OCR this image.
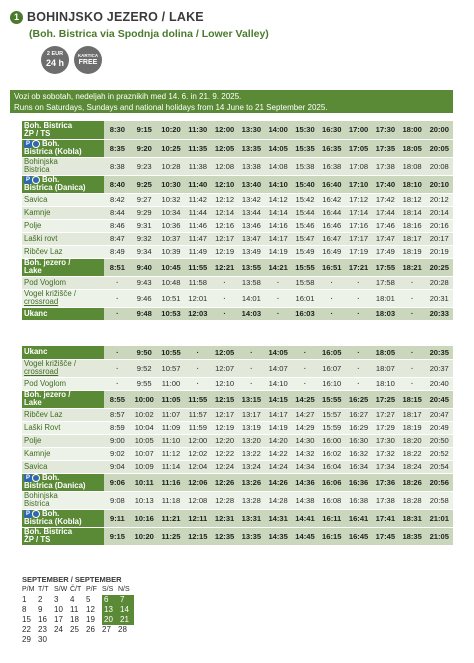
1 BOHINJSKO JEZERO / LAKE
(Boh. Bistrica via Spodnja dolina / Lower Valley)
2 EUR
24 h
KARTICA
FREE
Vozi ob sobotah, nedeljah in praznikih med 14. 6. in 21. 9. 2025.
Runs on Saturdays, Sundays and national holidays from 14 June to 21 September 2025.
Boh. Bistrica
ŽP / TS	8:30	9:15	10:20	11:30	12:00	13:30	14:00	15:30	16:30	17:00	17:30	18:00	20:00
P Boh.
Bistrica (Kobla)	8:35	9:20	10:25	11:35	12:05	13:35	14:05	15:35	16:35	17:05	17:35	18:05	20:05
Bohinjska
Bistrica	8:38	9:23	10:28	11:38	12:08	13:38	14:08	15:38	16:38	17:08	17:38	18:08	20:08
P Boh.
Bistrica (Danica)	8:40	9:25	10:30	11:40	12:10	13:40	14:10	15:40	16:40	17:10	17:40	18:10	20:10
Savica	8:42	9:27	10:32	11:42	12:12	13:42	14:12	15:42	16:42	17:12	17:42	18:12	20:12
Kamnje	8:44	9:29	10:34	11:44	12:14	13:44	14:14	15:44	16:44	17:14	17:44	18:14	20:14
Polje	8:46	9:31	10:36	11:46	12:16	13:46	14:16	15:46	16:46	17:16	17:46	18:16	20:16
Laški rovt	8:47	9:32	10:37	11:47	12:17	13:47	14:17	15:47	16:47	17:17	17:47	18:17	20:17
Ribčev Laz	8:49	9:34	10:39	11:49	12:19	13:49	14:19	15:49	16:49	17:19	17:49	18:19	20:19
Boh. jezero /
Lake	8:51	9:40	10:45	11:55	12:21	13:55	14:21	15:55	16:51	17:21	17:55	18:21	20:25
Pod Voglom	·	9:43	10:48	11:58	·	13:58	·	15:58	·	·	17:58	·	20:28
Vogel križišče /
crossroad	·	9:46	10:51	12:01	·	14:01	·	16:01	·	·	18:01	·	20:31
Ukanc	·	9:48	10:53	12:03	·	14:03	·	16:03	·	·	18:03	·	20:33
Ukanc	·	9:50	10:55	·	12:05	·	14:05	·	16:05	·	18:05	·	20:35
Vogel križišče /
crossroad	·	9:52	10:57	·	12:07	·	14:07	·	16:07	·	18:07	·	20:37
Pod Voglom	·	9:55	11:00	·	12:10	·	14:10	·	16:10	·	18:10	·	20:40
Boh. jezero /
Lake	8:55	10:00	11:05	11:55	12:15	13:15	14:15	14:25	15:55	16:25	17:25	18:15	20:45
Ribčev Laz	8:57	10:02	11:07	11:57	12:17	13:17	14:17	14:27	15:57	16:27	17:27	18:17	20:47
Laški Rovt	8:59	10:04	11:09	11:59	12:19	13:19	14:19	14:29	15:59	16:29	17:29	18:19	20:49
Polje	9:00	10:05	11:10	12:00	12:20	13:20	14:20	14:30	16:00	16:30	17:30	18:20	20:50
Kamnje	9:02	10:07	11:12	12:02	12:22	13:22	14:22	14:32	16:02	16:32	17:32	18:22	20:52
Savica	9:04	10:09	11:14	12:04	12:24	13:24	14:24	14:34	16:04	16:34	17:34	18:24	20:54
P Boh.
Bistrica (Danica)	9:06	10:11	11:16	12:06	12:26	13:26	14:26	14:36	16:06	16:36	17:36	18:26	20:56
Bohinjska
Bistrica	9:08	10:13	11:18	12:08	12:28	13:28	14:28	14:38	16:08	16:38	17:38	18:28	20:58
P Boh.
Bistrica (Kobla)	9:11	10:16	11:21	12:11	12:31	13:31	14:31	14:41	16:11	16:41	17:41	18:31	21:01
Boh. Bistrica
ŽP / TS	9:15	10:20	11:25	12:15	12:35	13:35	14:35	14:45	16:15	16:45	17:45	18:35	21:05
SEPTEMBER / SEPTEMBER
P/M T/T S/W Č/T P/F S/S N/S
1	2	3	4	5	6	7
8	9	10 11 12	13 14
15 16 17 18 19	20 21
22 23 24 25 26 27 28
29 30
